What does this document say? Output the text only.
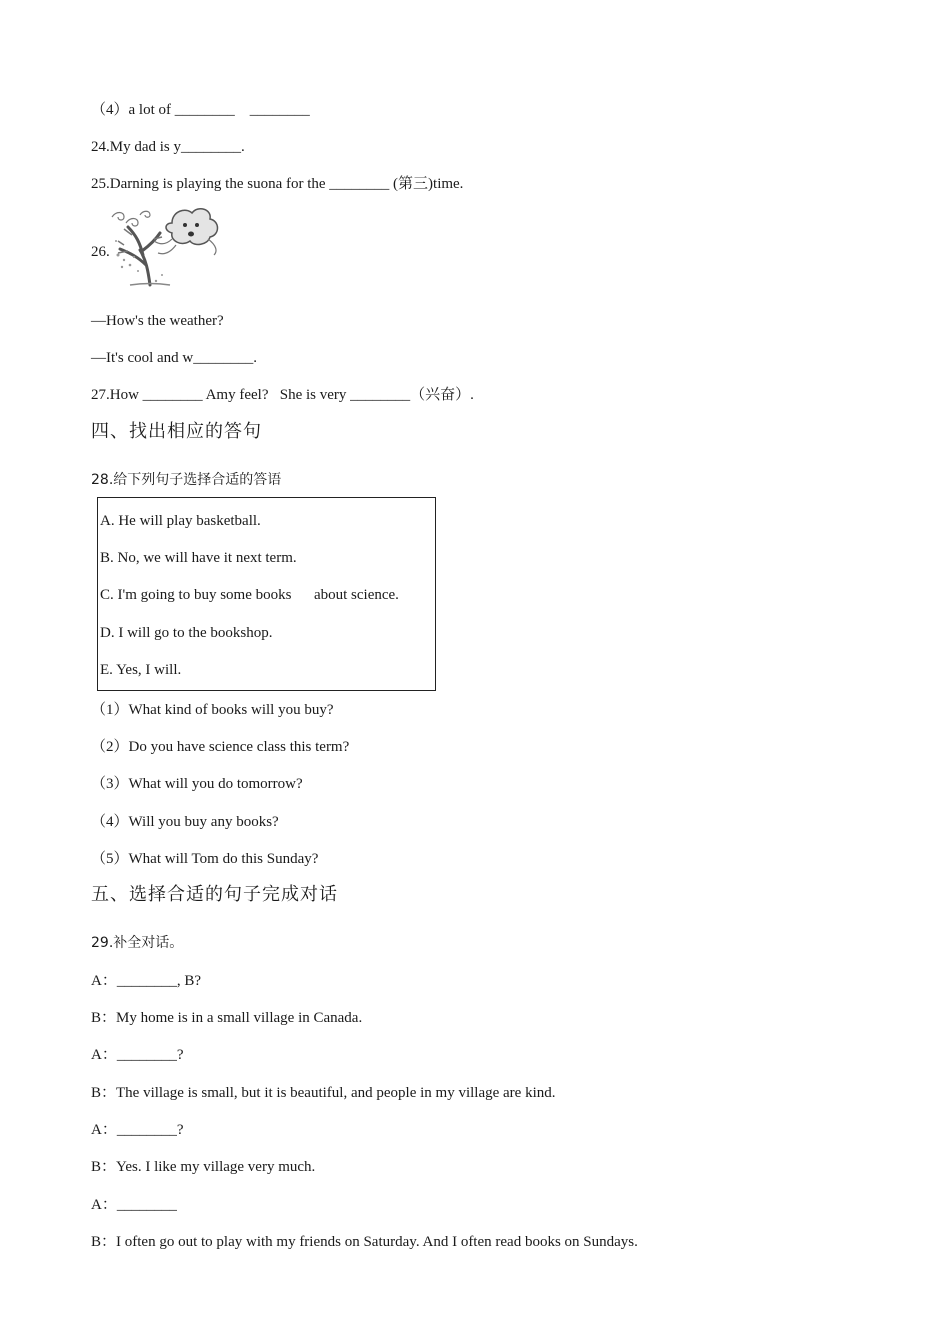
（4）a lot of ________    ________
24.My dad is y________.
25.Darning is playing the suona for the ________ (第三)time.
26.
—How's the weather?
—It's cool and w________.
27.How ________ Amy feel?   She is very ________（兴奋）.
四、找出相应的答句
28.给下列句子选择合适的答语
A. He will play basketball.
B. No, we will have it next term.
C. I'm going to buy some books      about science.
D. I will go to the bookshop.
E. Yes, I will.
（1）What kind of books will you buy?
（2）Do you have science class this term?
（3）What will you do tomorrow?
（4）Will you buy any books?
（5）What will Tom do this Sunday?
五、选择合适的句子完成对话
29.补全对话。
A：________, B?
B：My home is in a small village in Canada.
A：________?
B：The village is small, but it is beautiful, and people in my village are kind.
A：________?
B：Yes. I like my village very much.
A：________
B：I often go out to play with my friends on Saturday. And I often read books on Sundays.
